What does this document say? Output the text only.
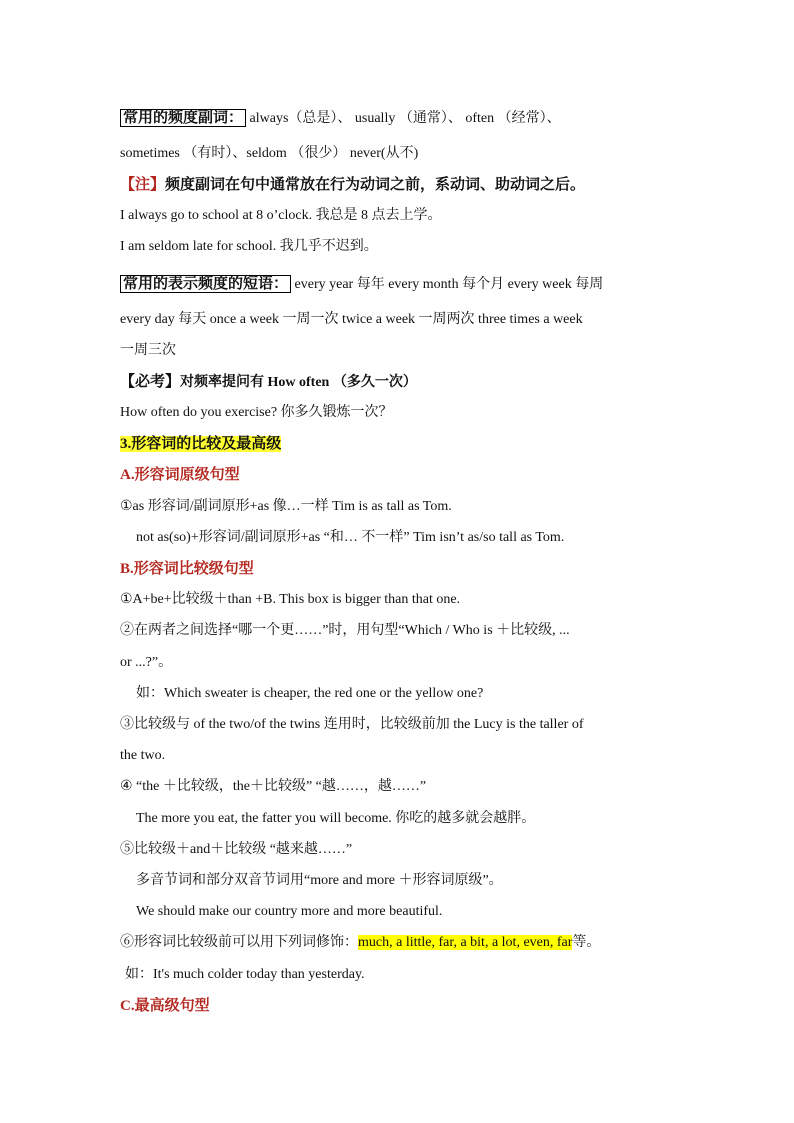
常用的频度副词： always（总是）、 usually （通常）、 often （经常）、
sometimes （有时）、seldom （很少） never(从不)
【注】频度副词在句中通常放在行为动词之前，系动词、助动词之后。
I always go to school at 8 o’clock. 我总是 8 点去上学。
I am seldom late for school. 我几乎不迟到。
常用的表示频度的短语： every year 每年 every month 每个月 every week 每周
every day 每天 once a week 一周一次 twice a week 一周两次 three times a week
一周三次
【必考】对频率提问有 How often （多久一次）
How often do you exercise? 你多久锻炼一次？
3.形容词的比较及最高级
A.形容词原级句型
①as 形容词/副词原形+as 像…一样 Tim is as tall as Tom.
not as(so)+形容词/副词原形+as “和… 不一样” Tim isn’t as/so tall as Tom.
B.形容词比较级句型
①A+be+比较级＋than +B. This box is bigger than that one.
②在两者之间选择“哪一个更……”时，用句型“Which / Who is ＋比较级, ...
or ...?”。
如：Which sweater is cheaper, the red one or the yellow one?
③比较级与 of the two/of the twins 连用时，比较级前加 the Lucy is the taller of
the two.
④ “the ＋比较级，the＋比较级” “越……，越……”
The more you eat, the fatter you will become. 你吃的越多就会越胖。
⑤比较级＋and＋比较级 “越来越……”
多音节词和部分双音节词用“more and more ＋形容词原级”。
We should make our country more and more beautiful.
⑥形容词比较级前可以用下列词修饰：much, a little, far, a bit, a lot, even, far等。
如：It's much colder today than yesterday.
C.最高级句型
